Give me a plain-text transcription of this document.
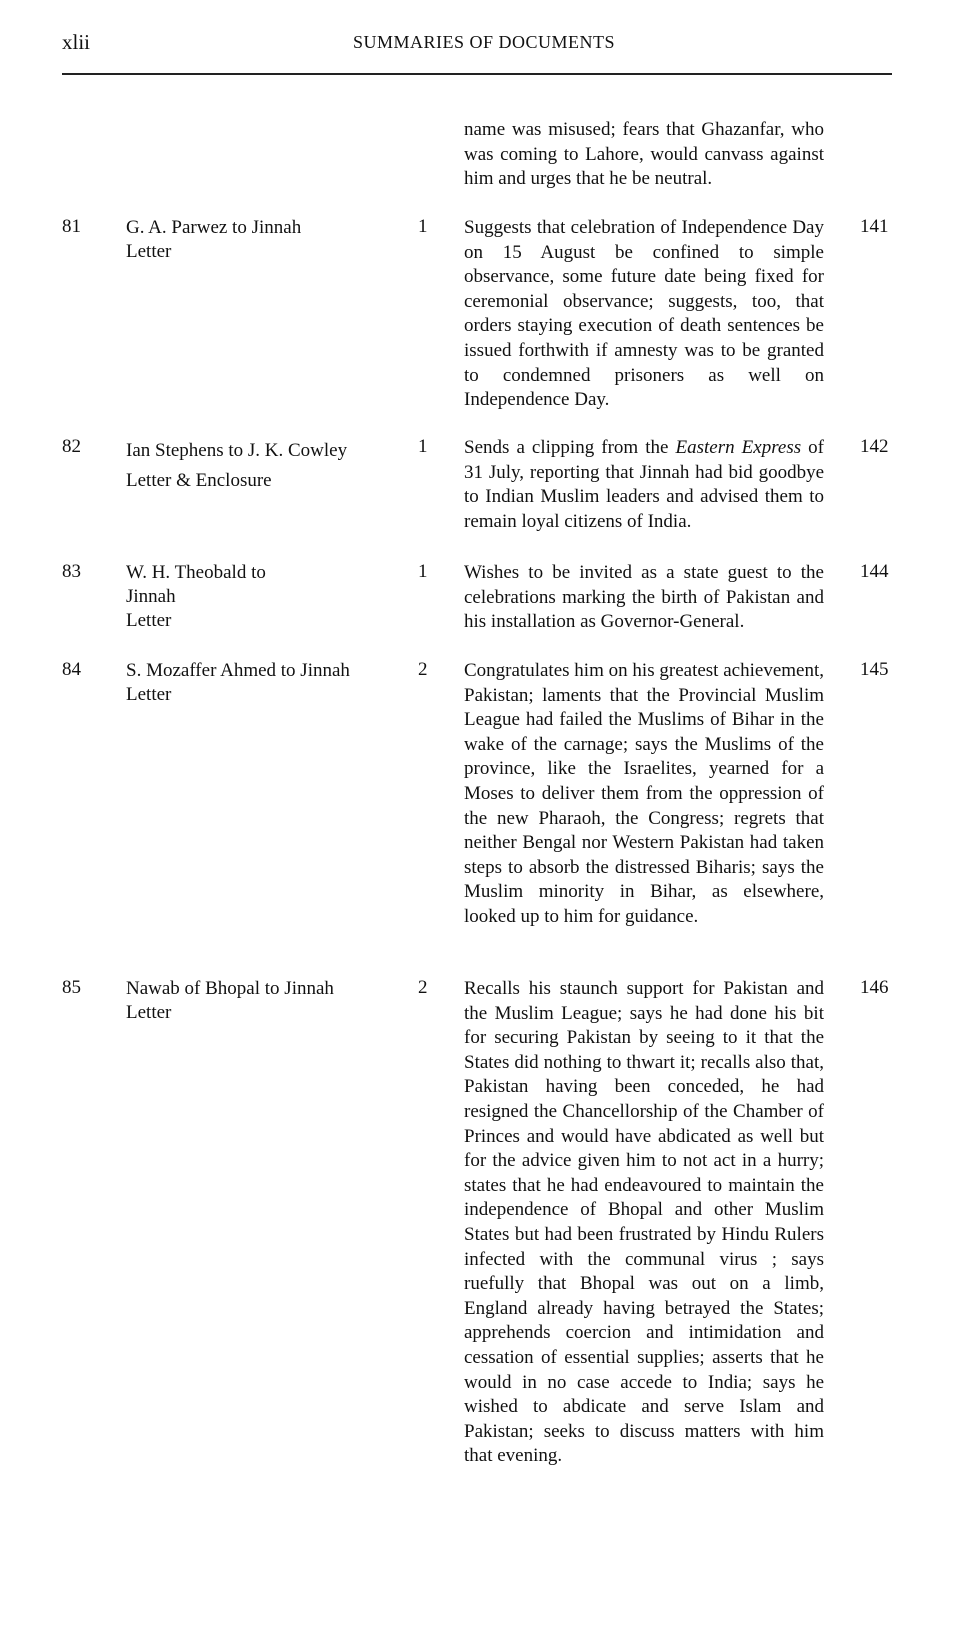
xlii	SUMMARIES OF DOCUMENTS
name was misused; fears that Ghazanfar, who was coming to Lahore, would canvass against him and urges that he be neutral.
81 G. A. Parwez to Jinnah
Letter
1 Suggests that celebration of Independence Day on 15 August be confined to simple observance, some future date being fixed for ceremonial observance; suggests, too, that orders staying execution of death sentences be issued forthwith if amnesty was to be granted to condemned prisoners as well on Independence Day.
141
82 Ian Stephens to J. K. Cowley
Letter & Enclosure
1 Sends a clipping from the Eastern Express of 31 July, reporting that Jinnah had bid goodbye to Indian Muslim leaders and advised them to remain loyal citizens of India.
142
83 W. H. Theobald to
Jinnah
Letter
1 Wishes to be invited as a state guest to the celebrations marking the birth of Pakistan and his installation as Governor-General.
144
84 S. Mozaffer Ahmed to Jinnah
Letter
2 Congratulates him on his greatest achievement, Pakistan; laments that the Provincial Muslim League had failed the Muslims of Bihar in the wake of the carnage; says the Muslims of the province, like the Israelites, yearned for a Moses to deliver them from the oppression of the new Pharaoh, the Congress; regrets that neither Bengal nor Western Pakistan had taken steps to absorb the distressed Biharis; says the Muslim minority in Bihar, as elsewhere, looked up to him for guidance.
145
85 Nawab of Bhopal to Jinnah
Letter
2 Recalls his staunch support for Pakistan and the Muslim League; says he had done his bit for securing Pakistan by seeing to it that the States did nothing to thwart it; recalls also that, Pakistan having been conceded, he had resigned the Chancellorship of the Chamber of Princes and would have abdicated as well but for the advice given him to not act in a hurry; states that he had endeavoured to maintain the independence of Bhopal and other Muslim States but had been frustrated by Hindu Rulers infected with the communal virus ; says ruefully that Bhopal was out on a limb, England already having betrayed the States; apprehends coercion and intimidation and cessation of essential supplies; asserts that he would in no case accede to India; says he wished to abdicate and serve Islam and Pakistan; seeks to discuss matters with him that evening.
146
